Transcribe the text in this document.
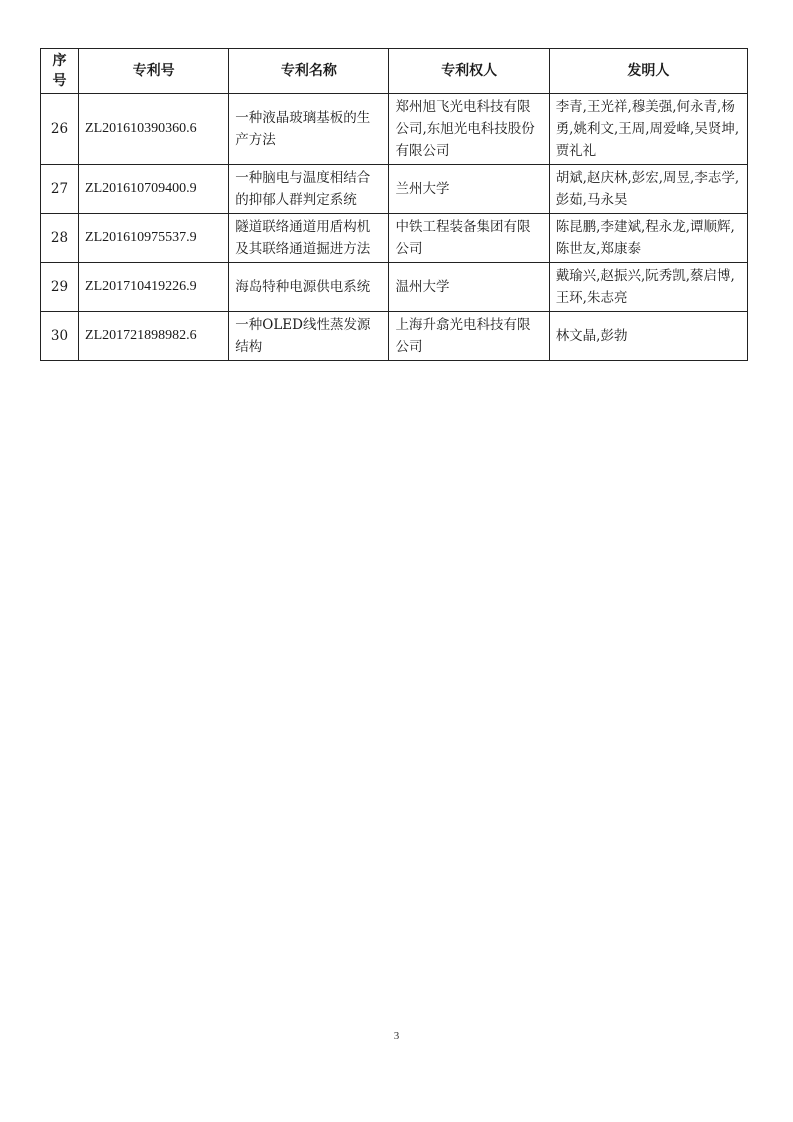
序
号	专利号	专利名称	专利权人	发明人
26	ZL201610390360.6	一种液晶玻璃基板的生产方法	郑州旭飞光电科技有限公司,东旭光电科技股份有限公司	李青,王光祥,穆美强,何永青,杨勇,姚利文,王周,周爱峰,吴贤坤,贾礼礼
27	ZL201610709400.9	一种脑电与温度相结合的抑郁人群判定系统	兰州大学	胡斌,赵庆林,彭宏,周昱,李志学,彭茹,马永昊
28	ZL201610975537.9	隧道联络通道用盾构机及其联络通道掘进方法	中铁工程装备集团有限公司	陈昆鹏,李建斌,程永龙,谭顺辉,陈世友,郑康泰
29	ZL201710419226.9	海岛特种电源供电系统	温州大学	戴瑜兴,赵振兴,阮秀凯,蔡启博,王环,朱志亮
30	ZL201721898982.6	一种OLED线性蒸发源结构	上海升翕光电科技有限公司	林文晶,彭勃
3
